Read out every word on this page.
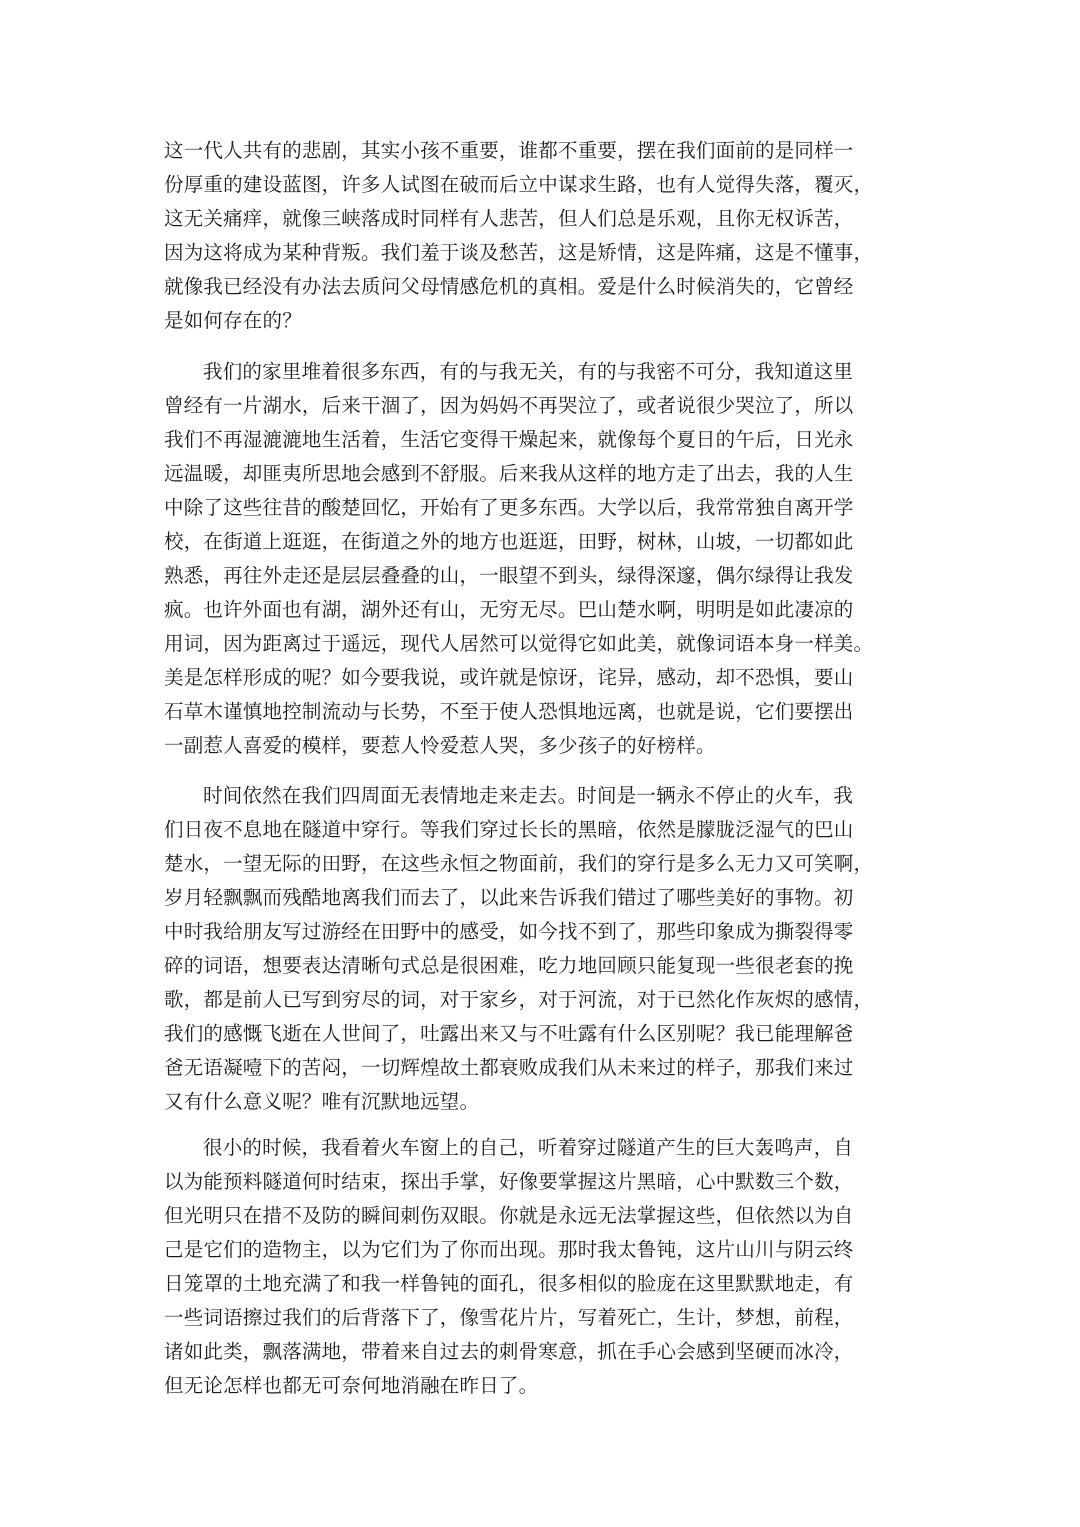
这一代人共有的悲剧，其实小孩不重要，谁都不重要，摆在我们面前的是同样一
份厚重的建设蓝图，许多人试图在破而后立中谋求生路，也有人觉得失落，覆灭，
这无关痛痒，就像三峡落成时同样有人悲苦，但人们总是乐观，且你无权诉苦，
因为这将成为某种背叛。我们羞于谈及愁苦，这是矫情，这是阵痛，这是不懂事，
就像我已经没有办法去质问父母情感危机的真相。爱是什么时候消失的，它曾经
是如何存在的？
我们的家里堆着很多东西，有的与我无关，有的与我密不可分，我知道这里
曾经有一片湖水，后来干涸了，因为妈妈不再哭泣了，或者说很少哭泣了，所以
我们不再湿漉漉地生活着，生活它变得干燥起来，就像每个夏日的午后，日光永
远温暖，却匪夷所思地会感到不舒服。后来我从这样的地方走了出去，我的人生
中除了这些往昔的酸楚回忆，开始有了更多东西。大学以后，我常常独自离开学
校，在街道上逛逛，在街道之外的地方也逛逛，田野，树林，山坡，一切都如此
熟悉，再往外走还是层层叠叠的山，一眼望不到头，绿得深邃，偶尔绿得让我发
疯。也许外面也有湖，湖外还有山，无穷无尽。巴山楚水啊，明明是如此凄凉的
用词，因为距离过于遥远，现代人居然可以觉得它如此美，就像词语本身一样美。
美是怎样形成的呢？如今要我说，或许就是惊讶，诧异，感动，却不恐惧，要山
石草木谨慎地控制流动与长势，不至于使人恐惧地远离，也就是说，它们要摆出
一副惹人喜爱的模样，要惹人怜爱惹人哭，多少孩子的好榜样。
时间依然在我们四周面无表情地走来走去。时间是一辆永不停止的火车，我
们日夜不息地在隧道中穿行。等我们穿过长长的黑暗，依然是朦胧泛湿气的巴山
楚水，一望无际的田野，在这些永恒之物面前，我们的穿行是多么无力又可笑啊，
岁月轻飘飘而残酷地离我们而去了，以此来告诉我们错过了哪些美好的事物。初
中时我给朋友写过游经在田野中的感受，如今找不到了，那些印象成为撕裂得零
碎的词语，想要表达清晰句式总是很困难，吃力地回顾只能复现一些很老套的挽
歌，都是前人已写到穷尽的词，对于家乡，对于河流，对于已然化作灰烬的感情，
我们的感慨飞逝在人世间了，吐露出来又与不吐露有什么区别呢？我已能理解爸
爸无语凝噎下的苦闷，一切辉煌故土都衰败成我们从未来过的样子，那我们来过
又有什么意义呢？唯有沉默地远望。
很小的时候，我看着火车窗上的自己，听着穿过隧道产生的巨大轰鸣声，自
以为能预料隧道何时结束，探出手掌，好像要掌握这片黑暗，心中默数三个数，
但光明只在措不及防的瞬间刺伤双眼。你就是永远无法掌握这些，但依然以为自
己是它们的造物主，以为它们为了你而出现。那时我太鲁钝，这片山川与阴云终
日笼罩的土地充满了和我一样鲁钝的面孔，很多相似的脸庞在这里默默地走，有
一些词语擦过我们的后背落下了，像雪花片片，写着死亡，生计，梦想，前程，
诸如此类，飘落满地，带着来自过去的刺骨寒意，抓在手心会感到坚硬而冰冷，
但无论怎样也都无可奈何地消融在昨日了。
